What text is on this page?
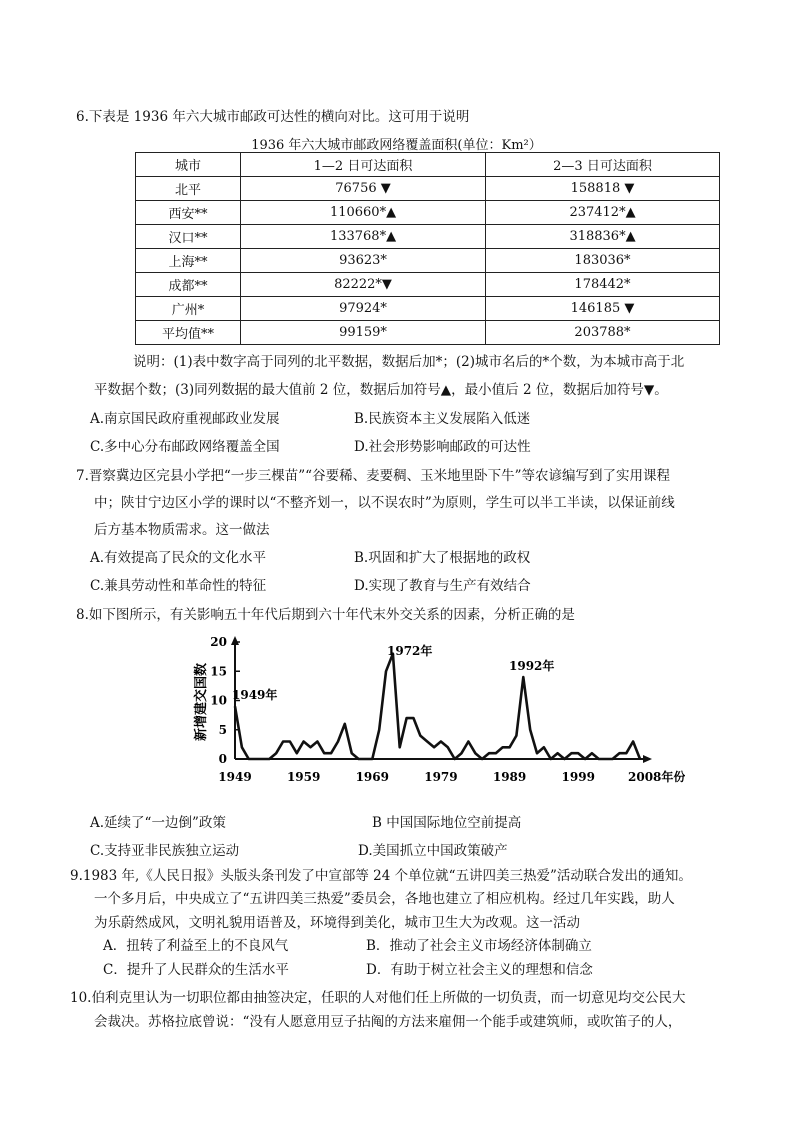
6.下表是 1936 年六大城市邮政可达性的横向对比。这可用于说明
1936 年六大城市邮政网络覆盖面积(单位：Km²）
城市	1—2 日可达面积	2—3 日可达面积
北平	76756 ▼	158818 ▼
西安**	110660*▲	237412*▲
汉口**	133768*▲	318836*▲
上海**	93623*	183036*
成都**	82222*▼	178442*
广州*	97924*	146185 ▼
平均值**	99159*	203788*
说明：(1)表中数字高于同列的北平数据，数据后加*；(2)城市名后的*个数，为本城市高于北
平数据个数；(3)同列数据的最大值前 2 位，数据后加符号▲，最小值后 2 位，数据后加符号▼。
A.南京国民政府重视邮政业发展	B.民族资本主义发展陷入低迷
C.多中心分布邮政网络覆盖全国	D.社会形势影响邮政的可达性
7.晋察冀边区完县小学把“一步三棵苗”“谷要稀、麦要稠、玉米地里卧下牛”等农谚编写到了实用课程
中；陕甘宁边区小学的课时以“不整齐划一，以不误农时”为原则，学生可以半工半读，以保证前线
后方基本物质需求。这一做法
A.有效提高了民众的文化水平	B.巩固和扩大了根据地的政权
C.兼具劳动性和革命性的特征	D.实现了教育与生产有效结合
8.如下图所示，有关影响五十年代后期到六十年代末外交关系的因素，分析正确的是
0
5
10
15
20
1949	1959	1969	1979	1989	1999	2008年份
新增建交国数 1949年
1972年
1992年
A.延续了“一边倒”政策	B 中国国际地位空前提高
C.支持亚非民族独立运动	D.美国抓立中国政策破产
9.1983 年,《人民日报》头版头条刊发了中宣部等 24 个单位就“五讲四美三热爱”活动联合发出的通知。
一个多月后，中央成立了“五讲四美三热爱”委员会，各地也建立了相应机构。经过几年实践，助人
为乐蔚然成风，文明礼貌用语普及，环境得到美化，城市卫生大为改观。这一活动
A．扭转了利益至上的不良风气	B．推动了社会主义市场经济体制确立
C．提升了人民群众的生活水平	D．有助于树立社会主义的理想和信念
10.伯利克里认为一切职位都由抽签决定，任职的人对他们任上所做的一切负责，而一切意见均交公民大
会裁决。苏格拉底曾说：“没有人愿意用豆子拈阄的方法来雇佣一个能手或建筑师，或吹笛子的人，
